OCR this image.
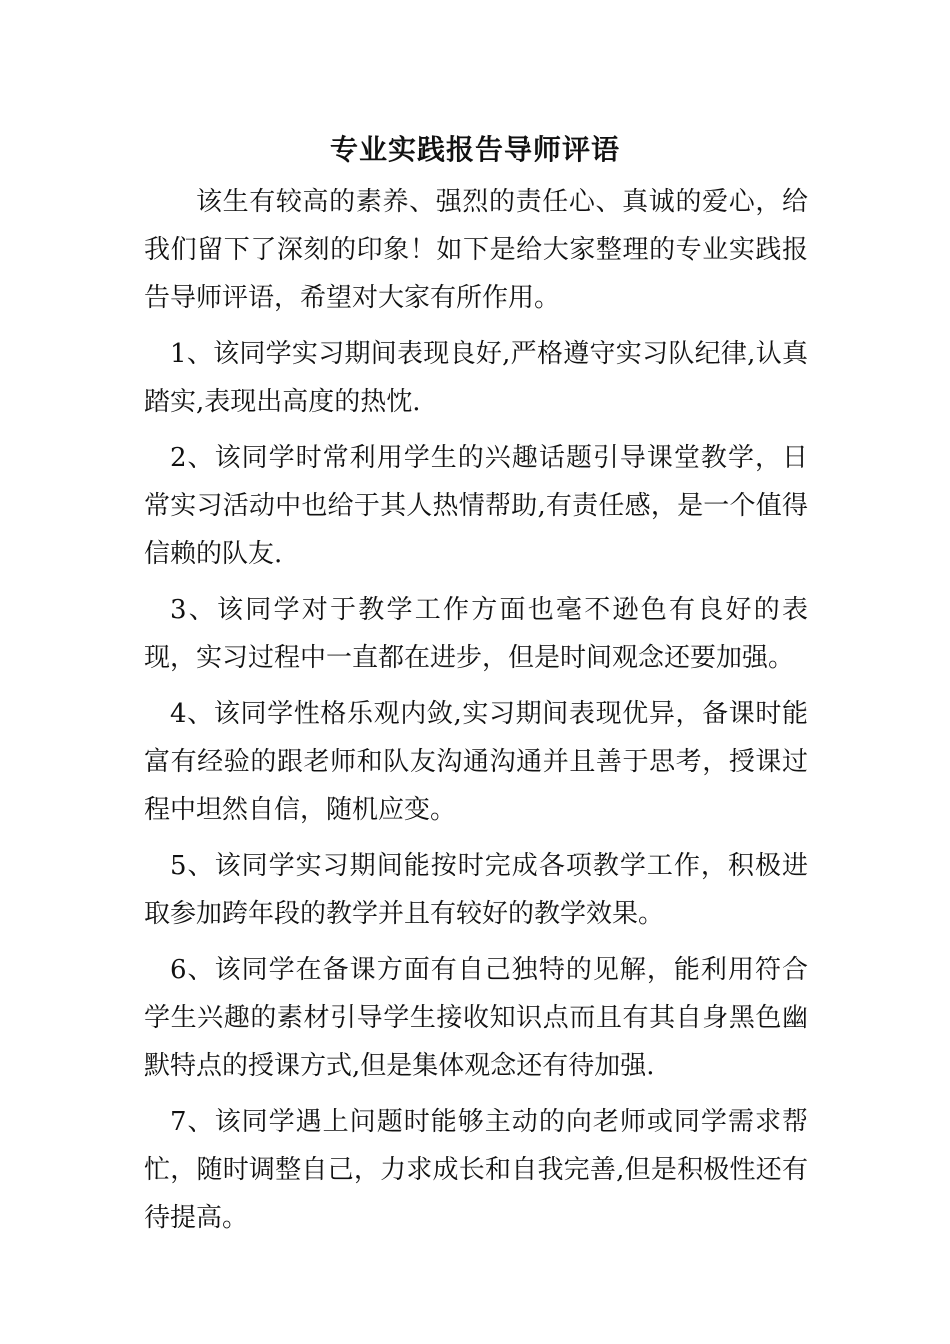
专业实践报告导师评语

该生有较高的素养、强烈的责任心、真诚的爱心，给我们留下了深刻的印象！如下是给大家整理的专业实践报告导师评语，希望对大家有所作用。

1、该同学实习期间表现良好,严格遵守实习队纪律,认真踏实,表现出高度的热忱.

2、该同学时常利用学生的兴趣话题引导课堂教学，日常实习活动中也给于其人热情帮助,有责任感，是一个值得信赖的队友.

3、该同学对于教学工作方面也毫不逊色有良好的表现，实习过程中一直都在进步，但是时间观念还要加强。

4、该同学性格乐观内敛,实习期间表现优异，备课时能富有经验的跟老师和队友沟通沟通并且善于思考，授课过程中坦然自信，随机应变。

5、该同学实习期间能按时完成各项教学工作，积极进取参加跨年段的教学并且有较好的教学效果。

6、该同学在备课方面有自己独特的见解，能利用符合学生兴趣的素材引导学生接收知识点而且有其自身黑色幽默特点的授课方式,但是集体观念还有待加强.

7、该同学遇上问题时能够主动的向老师或同学需求帮忙，随时调整自己，力求成长和自我完善,但是积极性还有待提高。
